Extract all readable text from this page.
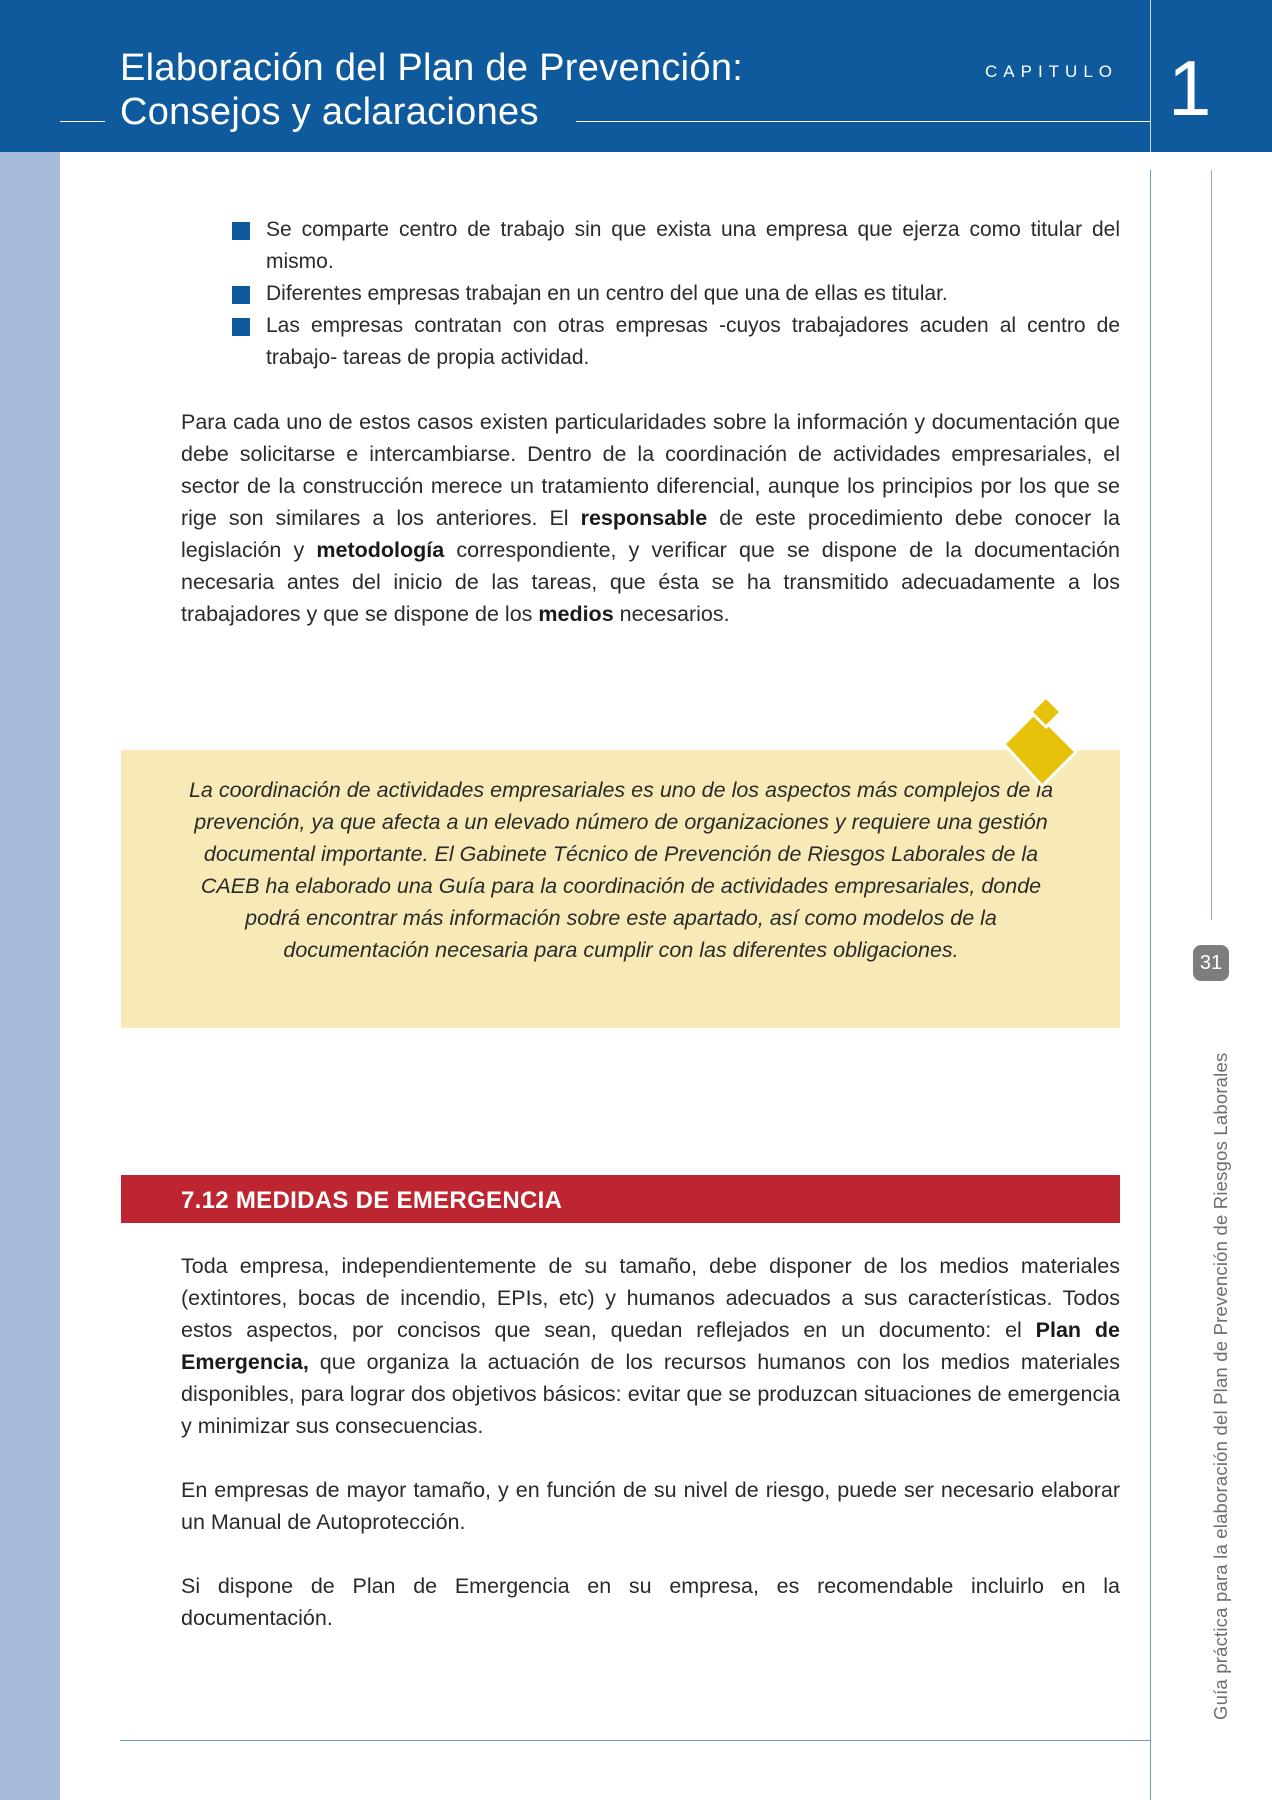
Elaboración del Plan de Prevención:
Consejos y aclaraciones
CAPITULO 1
31
Guía práctica para la elaboración del Plan de Prevención de Riesgos Laborales
Se comparte centro de trabajo sin que exista una empresa que ejerza como titular del mismo.
Diferentes empresas trabajan en un centro del que una de ellas es titular.
Las empresas contratan con otras empresas -cuyos trabajadores acuden al centro de trabajo- tareas de propia actividad.

Para cada uno de estos casos existen particularidades sobre la información y documentación que debe solicitarse e intercambiarse. Dentro de la coordinación de actividades empresariales, el sector de la construcción merece un tratamiento diferencial, aunque los principios por los que se rige son similares a los anteriores. El responsable de este procedimiento debe conocer la legislación y metodología correspondiente, y verificar que se dispone de la documentación necesaria antes del inicio de las tareas, que ésta se ha transmitido adecuadamente a los trabajadores y que se dispone de los medios necesarios.

La coordinación de actividades empresariales es uno de los aspectos más complejos de la prevención, ya que afecta a un elevado número de organizaciones y requiere una gestión documental importante. El Gabinete Técnico de Prevención de Riesgos Laborales de la CAEB ha elaborado una Guía para la coordinación de actividades empresariales, donde podrá encontrar más información sobre este apartado, así como modelos de la documentación necesaria para cumplir con las diferentes obligaciones.
7.12 MEDIDAS DE EMERGENCIA

Toda empresa, independientemente de su tamaño, debe disponer de los medios materiales (extintores, bocas de incendio, EPIs, etc) y humanos adecuados a sus características. Todos estos aspectos, por concisos que sean, quedan reflejados en un documento: el Plan de Emergencia, que organiza la actuación de los recursos humanos con los medios materiales disponibles, para lograr dos objetivos básicos: evitar que se produzcan situaciones de emergencia y minimizar sus consecuencias.

En empresas de mayor tamaño, y en función de su nivel de riesgo, puede ser necesario elaborar un Manual de Autoprotección.

Si dispone de Plan de Emergencia en su empresa, es recomendable incluirlo en la documentación.
